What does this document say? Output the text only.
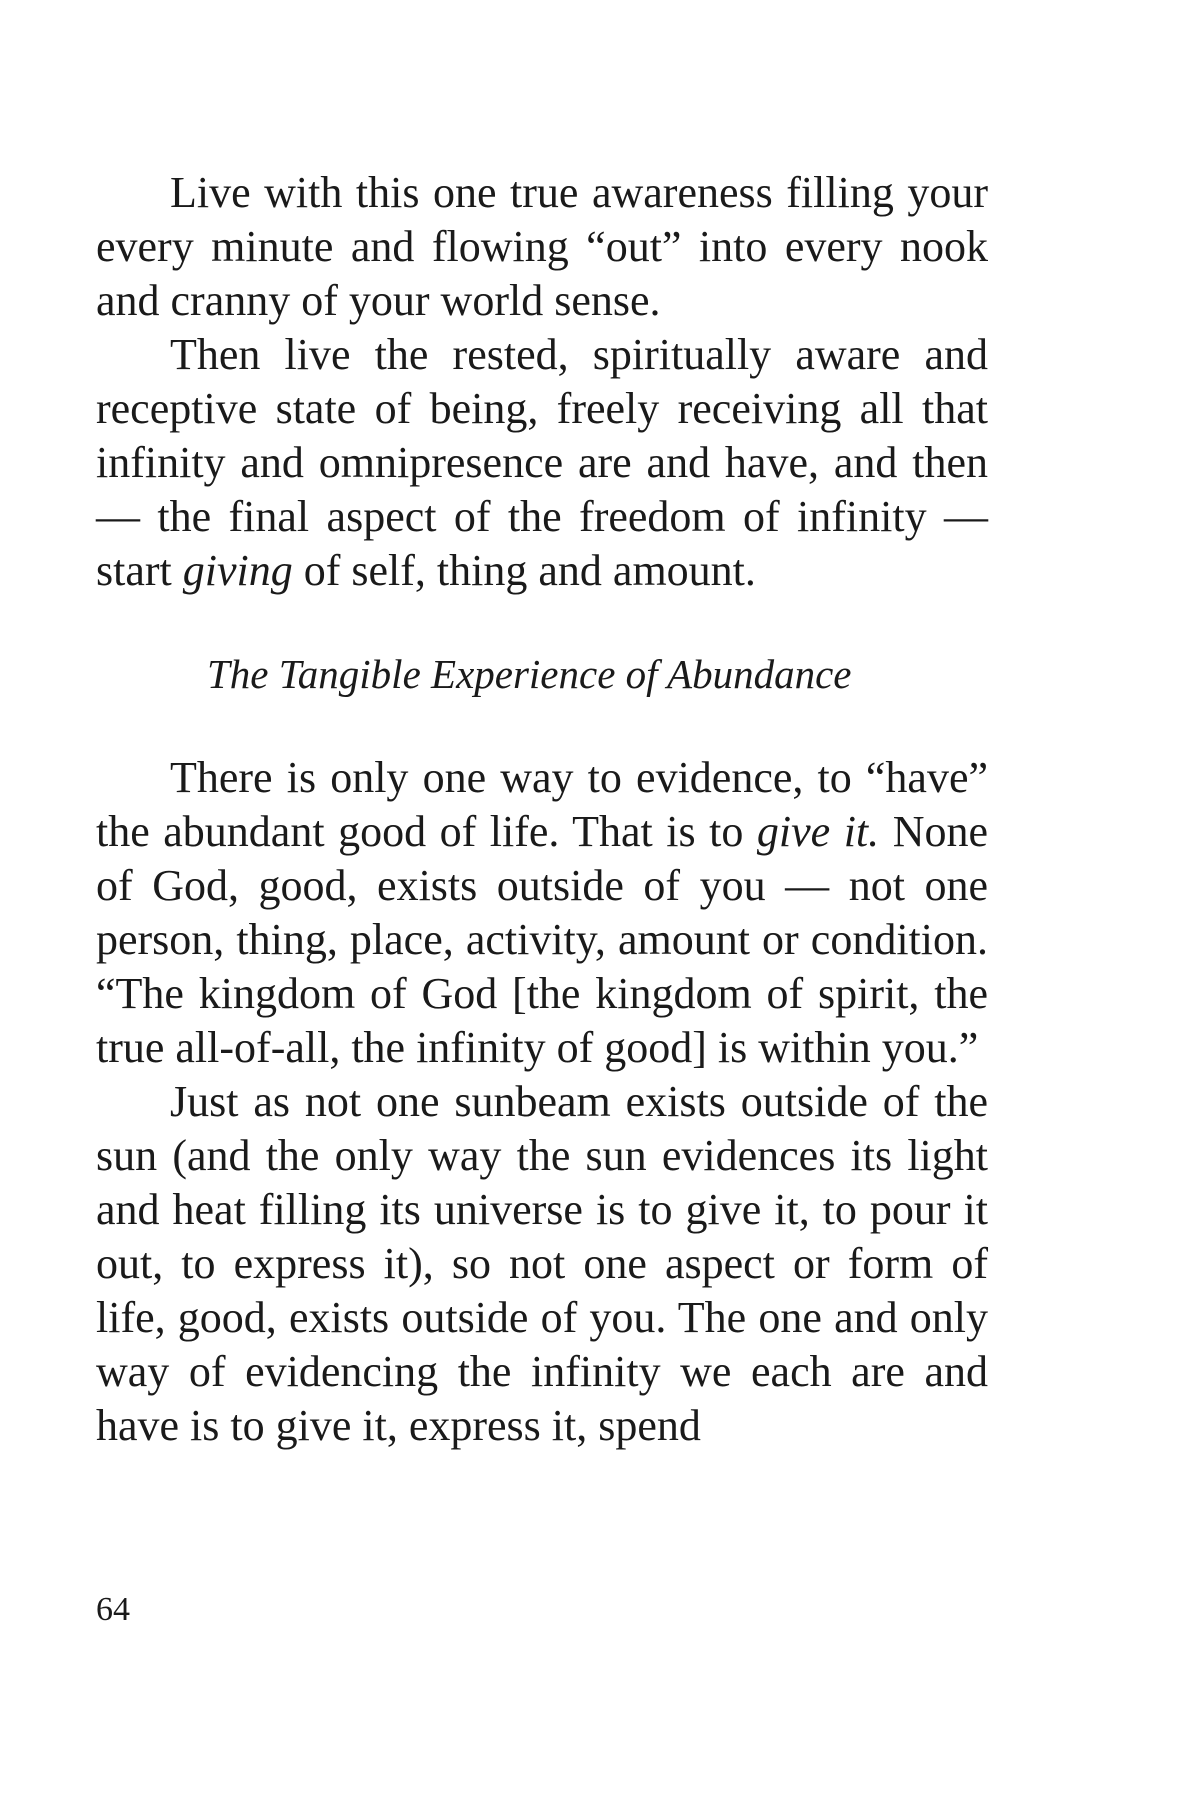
Live with this one true awareness filling your every minute and flowing “out” into every nook and cranny of your world sense.

Then live the rested, spiritually aware and receptive state of being, freely receiving all that infinity and omnipresence are and have, and then — the final aspect of the freedom of infinity — start giving of self, thing and amount.

The Tangible Experience of Abundance

There is only one way to evidence, to “have” the abundant good of life. That is to give it. None of God, good, exists outside of you — not one person, thing, place, activity, amount or condition. “The kingdom of God [the kingdom of spirit, the true all-of-all, the infinity of good] is within you.”

Just as not one sunbeam exists outside of the sun (and the only way the sun evidences its light and heat filling its universe is to give it, to pour it out, to express it), so not one aspect or form of life, good, exists outside of you. The one and only way of evidencing the infinity we each are and have is to give it, express it, spend

64
